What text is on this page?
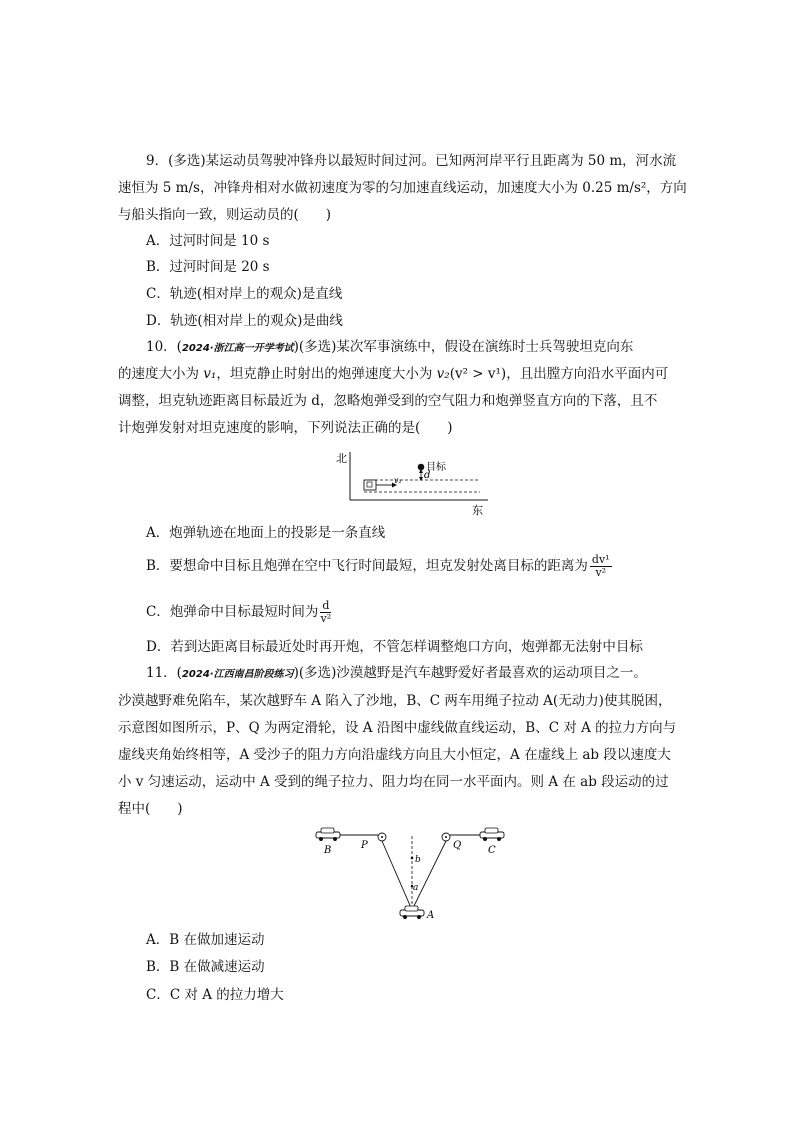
9．(多选)某运动员驾驶冲锋舟以最短时间过河。已知两河岸平行且距离为 50 m，河水流
速恒为 5 m/s，冲锋舟相对水做初速度为零的匀加速直线运动，加速度大小为 0.25 m/s²，方向
与船头指向一致，则运动员的(　　)
A．过河时间是 10 s
B．过河时间是 20 s
C．轨迹(相对岸上的观众)是直线
D．轨迹(相对岸上的观众)是曲线
10．(2024·浙江高一开学考试)(多选)某次军事演练中，假设在演练时士兵驾驶坦克向东
的速度大小为 v₁，坦克静止时射出的炮弹速度大小为 v₂(v² > v¹)，且出膛方向沿水平面内可
调整，坦克轨迹距离目标最近为 d，忽略炮弹受到的空气阻力和炮弹竖直方向的下落，且不
计炮弹发射对坦克速度的影响，下列说法正确的是(　　)
北
东
v₁
目标
d
A．炮弹轨迹在地面上的投影是一条直线
B．要想命中目标且炮弹在空中飞行时间最短，坦克发射处离目标的距离为 $\frac{\text{dv¹}}{\text{v²}}$
C．炮弹命中目标最短时间为 $\frac{d}{\text{v²}}$
D．若到达距离目标最近处时再开炮，不管怎样调整炮口方向，炮弹都无法射中目标
11．(2024·江西南昌阶段练习)(多选)沙漠越野是汽车越野爱好者最喜欢的运动项目之一。
沙漠越野难免陷车，某次越野车 A 陷入了沙地，B、C 两车用绳子拉动 A(无动力)使其脱困，
示意图如图所示，P、Q 为两定滑轮，设 A 沿图中虚线做直线运动，B、C 对 A 的拉力方向与
虚线夹角始终相等，A 受沙子的阻力方向沿虚线方向且大小恒定，A 在虚线上 ab 段以速度大
小 v 匀速运动，运动中 A 受到的绳子拉力、阻力均在同一水平面内。则 A 在 ab 段运动的过
程中(　　)
B	P	Q	C
b
a
A
A．B 在做加速运动
B．B 在做减速运动
C．C 对 A 的拉力增大
